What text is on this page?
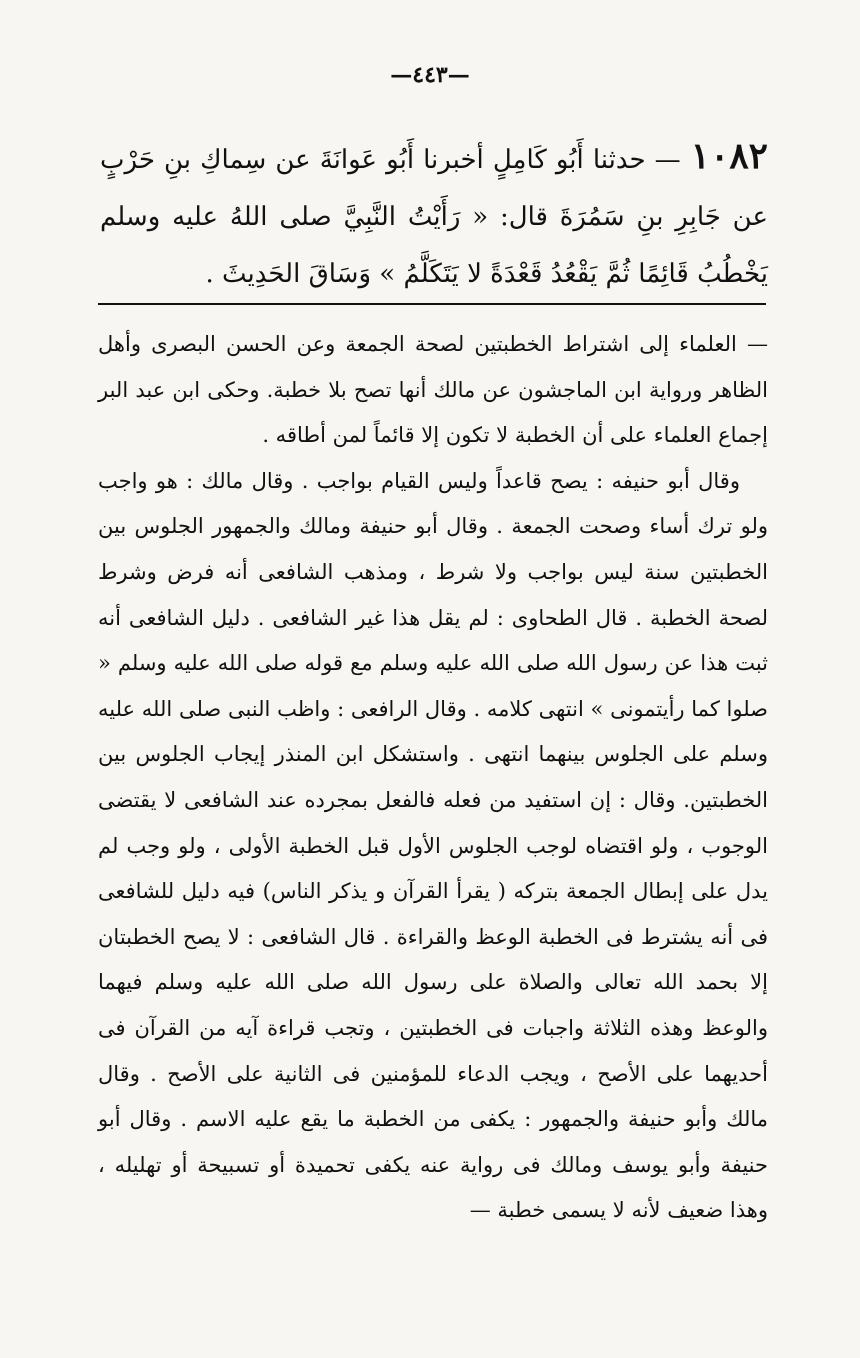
—٤٤٣—
١٠٨٢— حدثنا أَبُو كَامِلٍ أخبرنا أَبُو عَوانَةَ عن سِماكِ بنِ حَرْبٍ عن جَابِرِ بنِ سَمُرَةَ قال: « رَأَيْتُ النَّبِيَّ صلى اللهُ عليه وسلم يَخْطُبُ قَائِمًا ثُمَّ يَقْعُدُ قَعْدَةً لا يَتَكَلَّمُ » وَسَاقَ الحَدِيثَ .

— العلماء إلى اشتراط الخطبتين لصحة الجمعة وعن الحسن البصرى وأهل الظاهر ورواية ابن الماجشون عن مالك أنها تصح بلا خطبة. وحكى ابن عبد البر إجماع العلماء على أن الخطبة لا تكون إلا قائماً لمن أطاقه .

وقال أبو حنيفه : يصح قاعداً وليس القيام بواجب . وقال مالك : هو واجب ولو ترك أساء وصحت الجمعة . وقال أبو حنيفة ومالك والجمهور الجلوس بين الخطبتين سنة ليس بواجب ولا شرط ، ومذهب الشافعى أنه فرض وشرط لصحة الخطبة . قال الطحاوى : لم يقل هذا غير الشافعى . دليل الشافعى أنه ثبت هذا عن رسول الله صلى الله عليه وسلم مع قوله صلى الله عليه وسلم « صلوا كما رأيتمونى » انتهى كلامه . وقال الرافعى : واظب النبى صلى الله عليه وسلم على الجلوس بينهما انتهى . واستشكل ابن المنذر إيجاب الجلوس بين الخطبتين. وقال : إن استفيد من فعله فالفعل بمجرده عند الشافعى لا يقتضى الوجوب ، ولو اقتضاه لوجب الجلوس الأول قبل الخطبة الأولى ، ولو وجب لم يدل على إبطال الجمعة بتركه ( يقرأ القرآن و يذكر الناس) فيه دليل للشافعى فى أنه يشترط فى الخطبة الوعظ والقراءة . قال الشافعى : لا يصح الخطبتان إلا بحمد الله تعالى والصلاة على رسول الله صلى الله عليه وسلم فيهما والوعظ وهذه الثلاثة واجبات فى الخطبتين ، وتجب قراءة آيه من القرآن فى أحديهما على الأصح ، ويجب الدعاء للمؤمنين فى الثانية على الأصح . وقال مالك وأبو حنيفة والجمهور : يكفى من الخطبة ما يقع عليه الاسم . وقال أبو حنيفة وأبو يوسف ومالك فى رواية عنه يكفى تحميدة أو تسبيحة أو تهليله ، وهذا ضعيف لأنه لا يسمى خطبة —
